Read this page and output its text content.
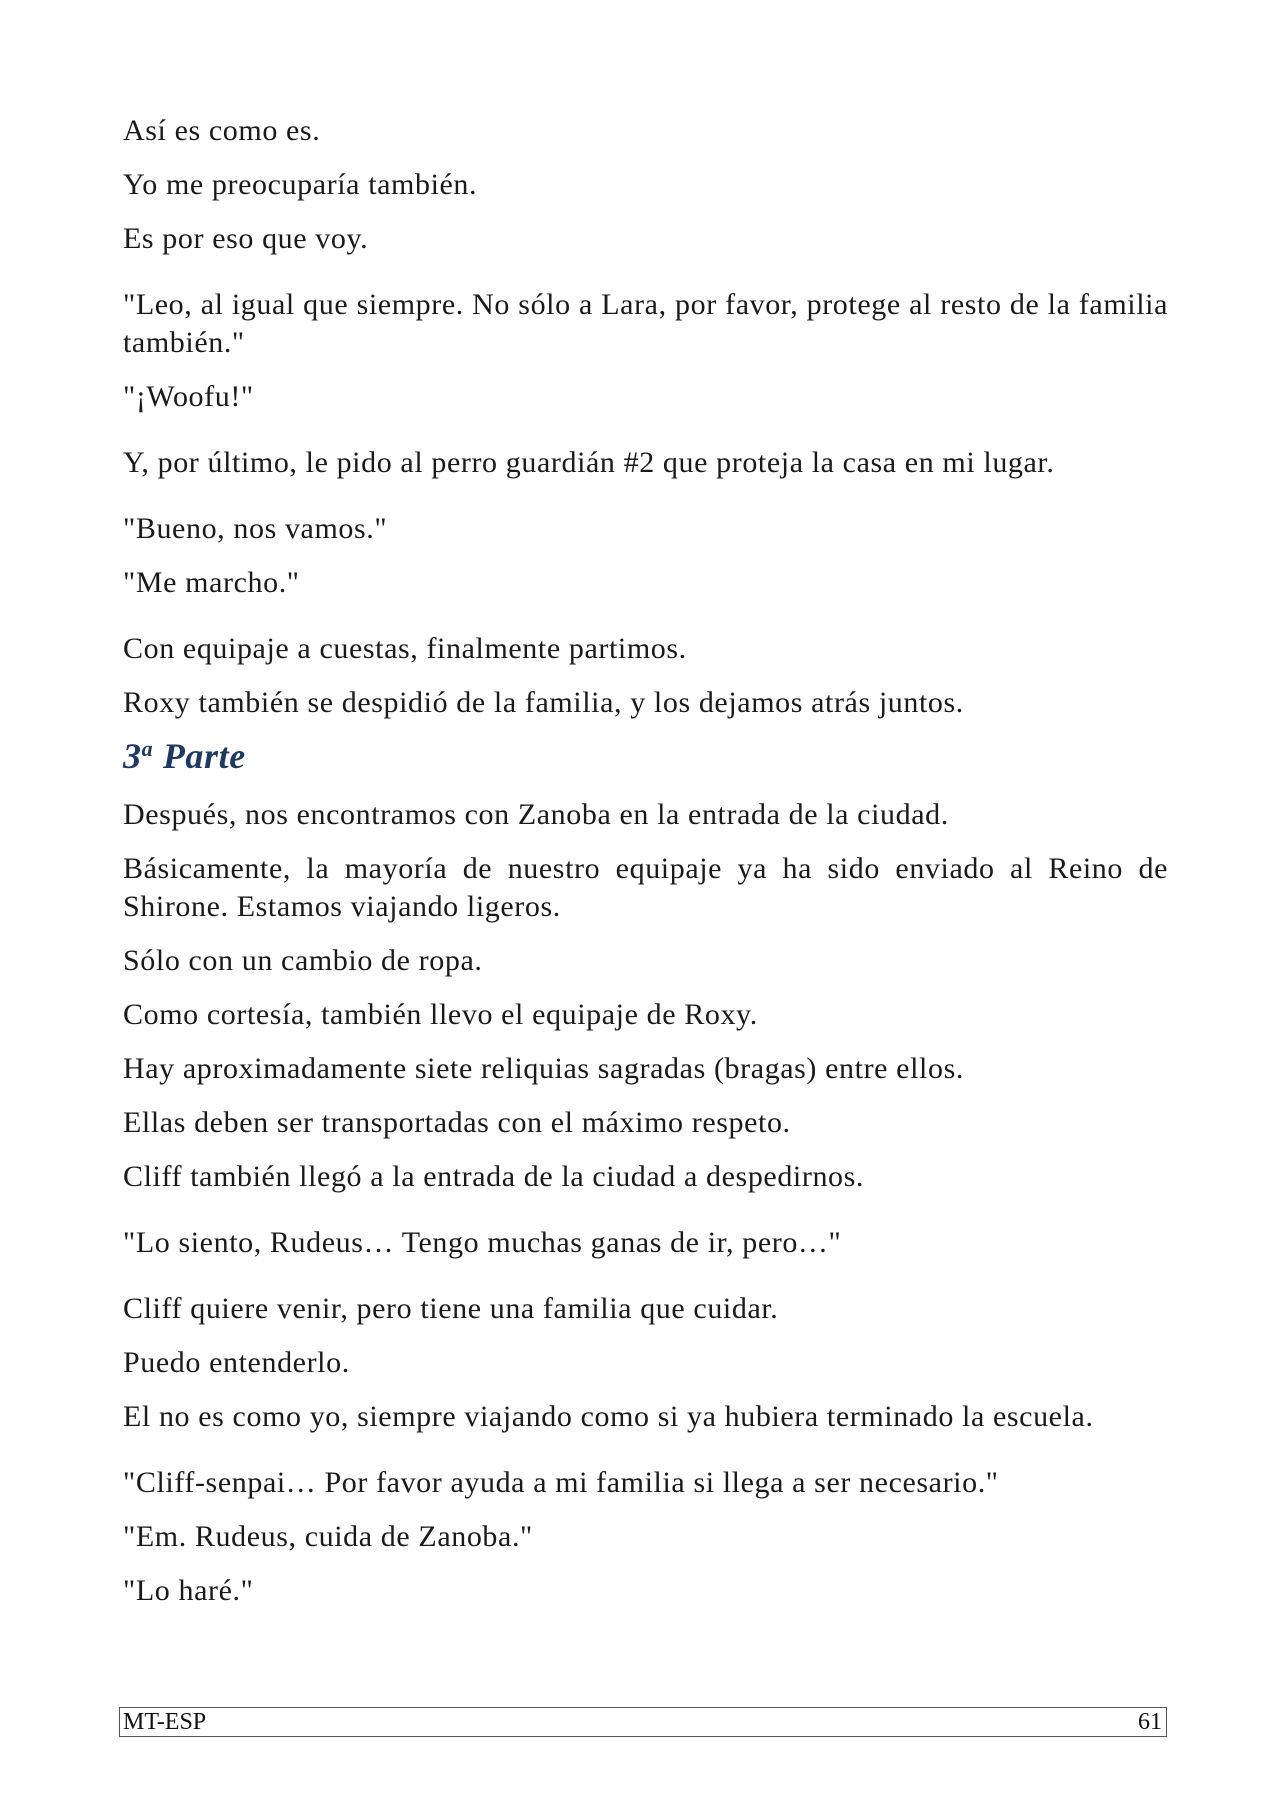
Así es como es.

Yo me preocuparía también.

Es por eso que voy.

"Leo, al igual que siempre. No sólo a Lara, por favor, protege al resto de la familia también."

"¡Woofu!"

Y, por último, le pido al perro guardián #2 que proteja la casa en mi lugar.

"Bueno, nos vamos."

"Me marcho."

Con equipaje a cuestas, finalmente partimos.

Roxy también se despidió de la familia, y los dejamos atrás juntos.

3$^a$ Parte

Después, nos encontramos con Zanoba en la entrada de la ciudad.

Básicamente, la mayoría de nuestro equipaje ya ha sido enviado al Reino de Shirone. Estamos viajando ligeros.

Sólo con un cambio de ropa.

Como cortesía, también llevo el equipaje de Roxy.

Hay aproximadamente siete reliquias sagradas (bragas) entre ellos.

Ellas deben ser transportadas con el máximo respeto.

Cliff también llegó a la entrada de la ciudad a despedirnos.

"Lo siento, Rudeus… Tengo muchas ganas de ir, pero…"

Cliff quiere venir, pero tiene una familia que cuidar.

Puedo entenderlo.

El no es como yo, siempre viajando como si ya hubiera terminado la escuela.

"Cliff-senpai… Por favor ayuda a mi familia si llega a ser necesario."

"Em. Rudeus, cuida de Zanoba."

"Lo haré."

MT-ESP	61
